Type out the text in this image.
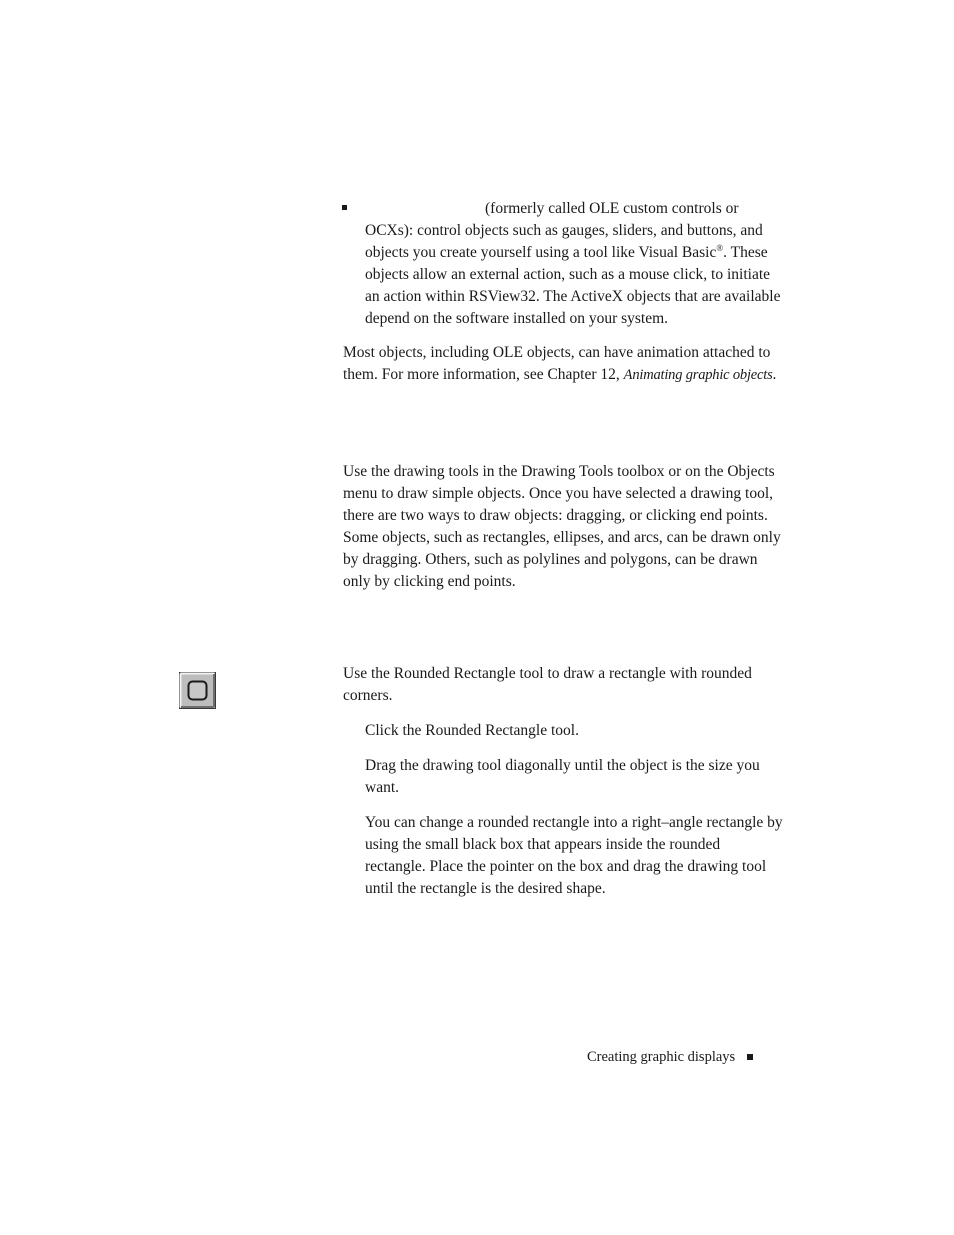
(formerly called OLE custom controls or
OCXs): control objects such as gauges, sliders, and buttons, and
objects you create yourself using a tool like Visual Basic®. These
objects allow an external action, such as a mouse click, to initiate
an action within RSView32. The ActiveX objects that are available
depend on the software installed on your system.
Most objects, including OLE objects, can have animation attached to
them. For more information, see Chapter 12, Animating graphic objects.
Use the drawing tools in the Drawing Tools toolbox or on the Objects
menu to draw simple objects. Once you have selected a drawing tool,
there are two ways to draw objects: dragging, or clicking end points.
Some objects, such as rectangles, ellipses, and arcs, can be drawn only
by dragging. Others, such as polylines and polygons, can be drawn
only by clicking end points.
Use the Rounded Rectangle tool to draw a rectangle with rounded
corners.
Click the Rounded Rectangle tool.
Drag the drawing tool diagonally until the object is the size you
want.
You can change a rounded rectangle into a right–angle rectangle by
using the small black box that appears inside the rounded
rectangle. Place the pointer on the box and drag the drawing tool
until the rectangle is the desired shape.
Creating graphic displays
